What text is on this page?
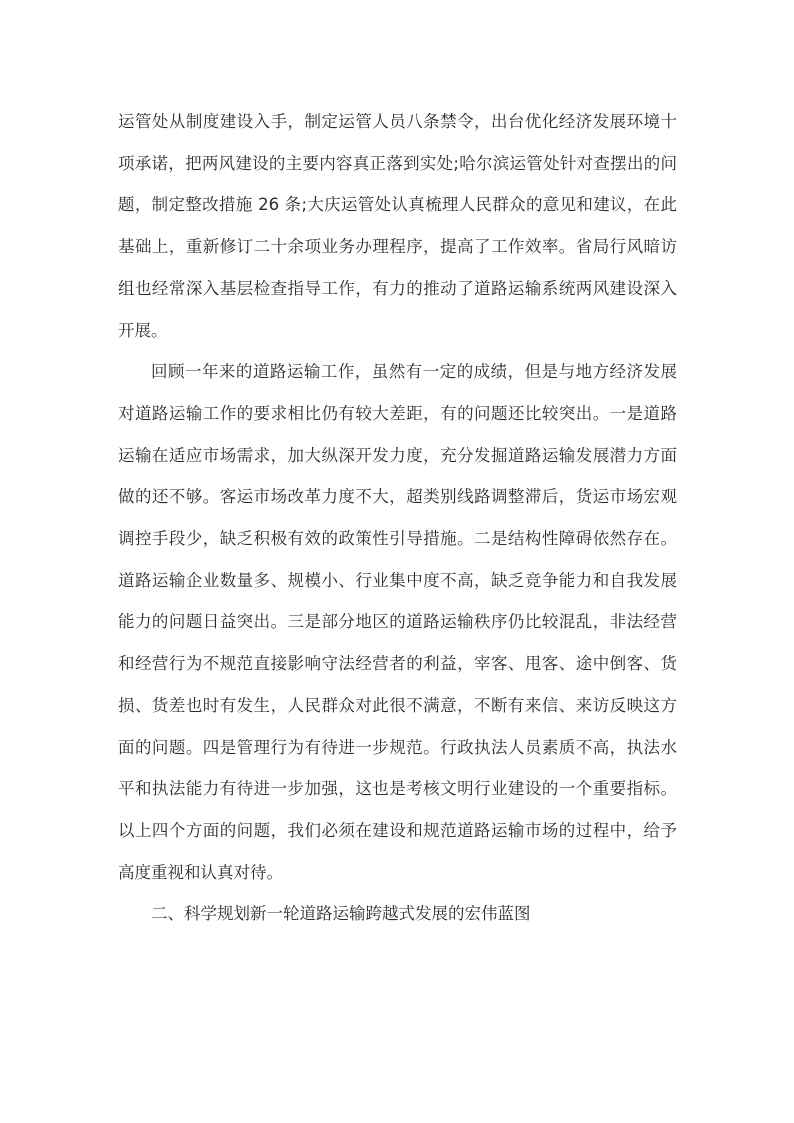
运管处从制度建设入手，制定运管人员八条禁令，出台优化经济发展环境十项承诺，把两风建设的主要内容真正落到实处;哈尔滨运管处针对查摆出的问题，制定整改措施 26 条;大庆运管处认真梳理人民群众的意见和建议，在此基础上，重新修订二十余项业务办理程序，提高了工作效率。省局行风暗访组也经常深入基层检查指导工作，有力的推动了道路运输系统两风建设深入开展。

回顾一年来的道路运输工作，虽然有一定的成绩，但是与地方经济发展对道路运输工作的要求相比仍有较大差距，有的问题还比较突出。一是道路运输在适应市场需求，加大纵深开发力度，充分发掘道路运输发展潜力方面做的还不够。客运市场改革力度不大，超类别线路调整滞后，货运市场宏观调控手段少，缺乏积极有效的政策性引导措施。二是结构性障碍依然存在。道路运输企业数量多、规模小、行业集中度不高，缺乏竞争能力和自我发展能力的问题日益突出。三是部分地区的道路运输秩序仍比较混乱，非法经营和经营行为不规范直接影响守法经营者的利益，宰客、甩客、途中倒客、货损、货差也时有发生，人民群众对此很不满意，不断有来信、来访反映这方面的问题。四是管理行为有待进一步规范。行政执法人员素质不高，执法水平和执法能力有待进一步加强，这也是考核文明行业建设的一个重要指标。以上四个方面的问题，我们必须在建设和规范道路运输市场的过程中，给予高度重视和认真对待。

二、科学规划新一轮道路运输跨越式发展的宏伟蓝图
